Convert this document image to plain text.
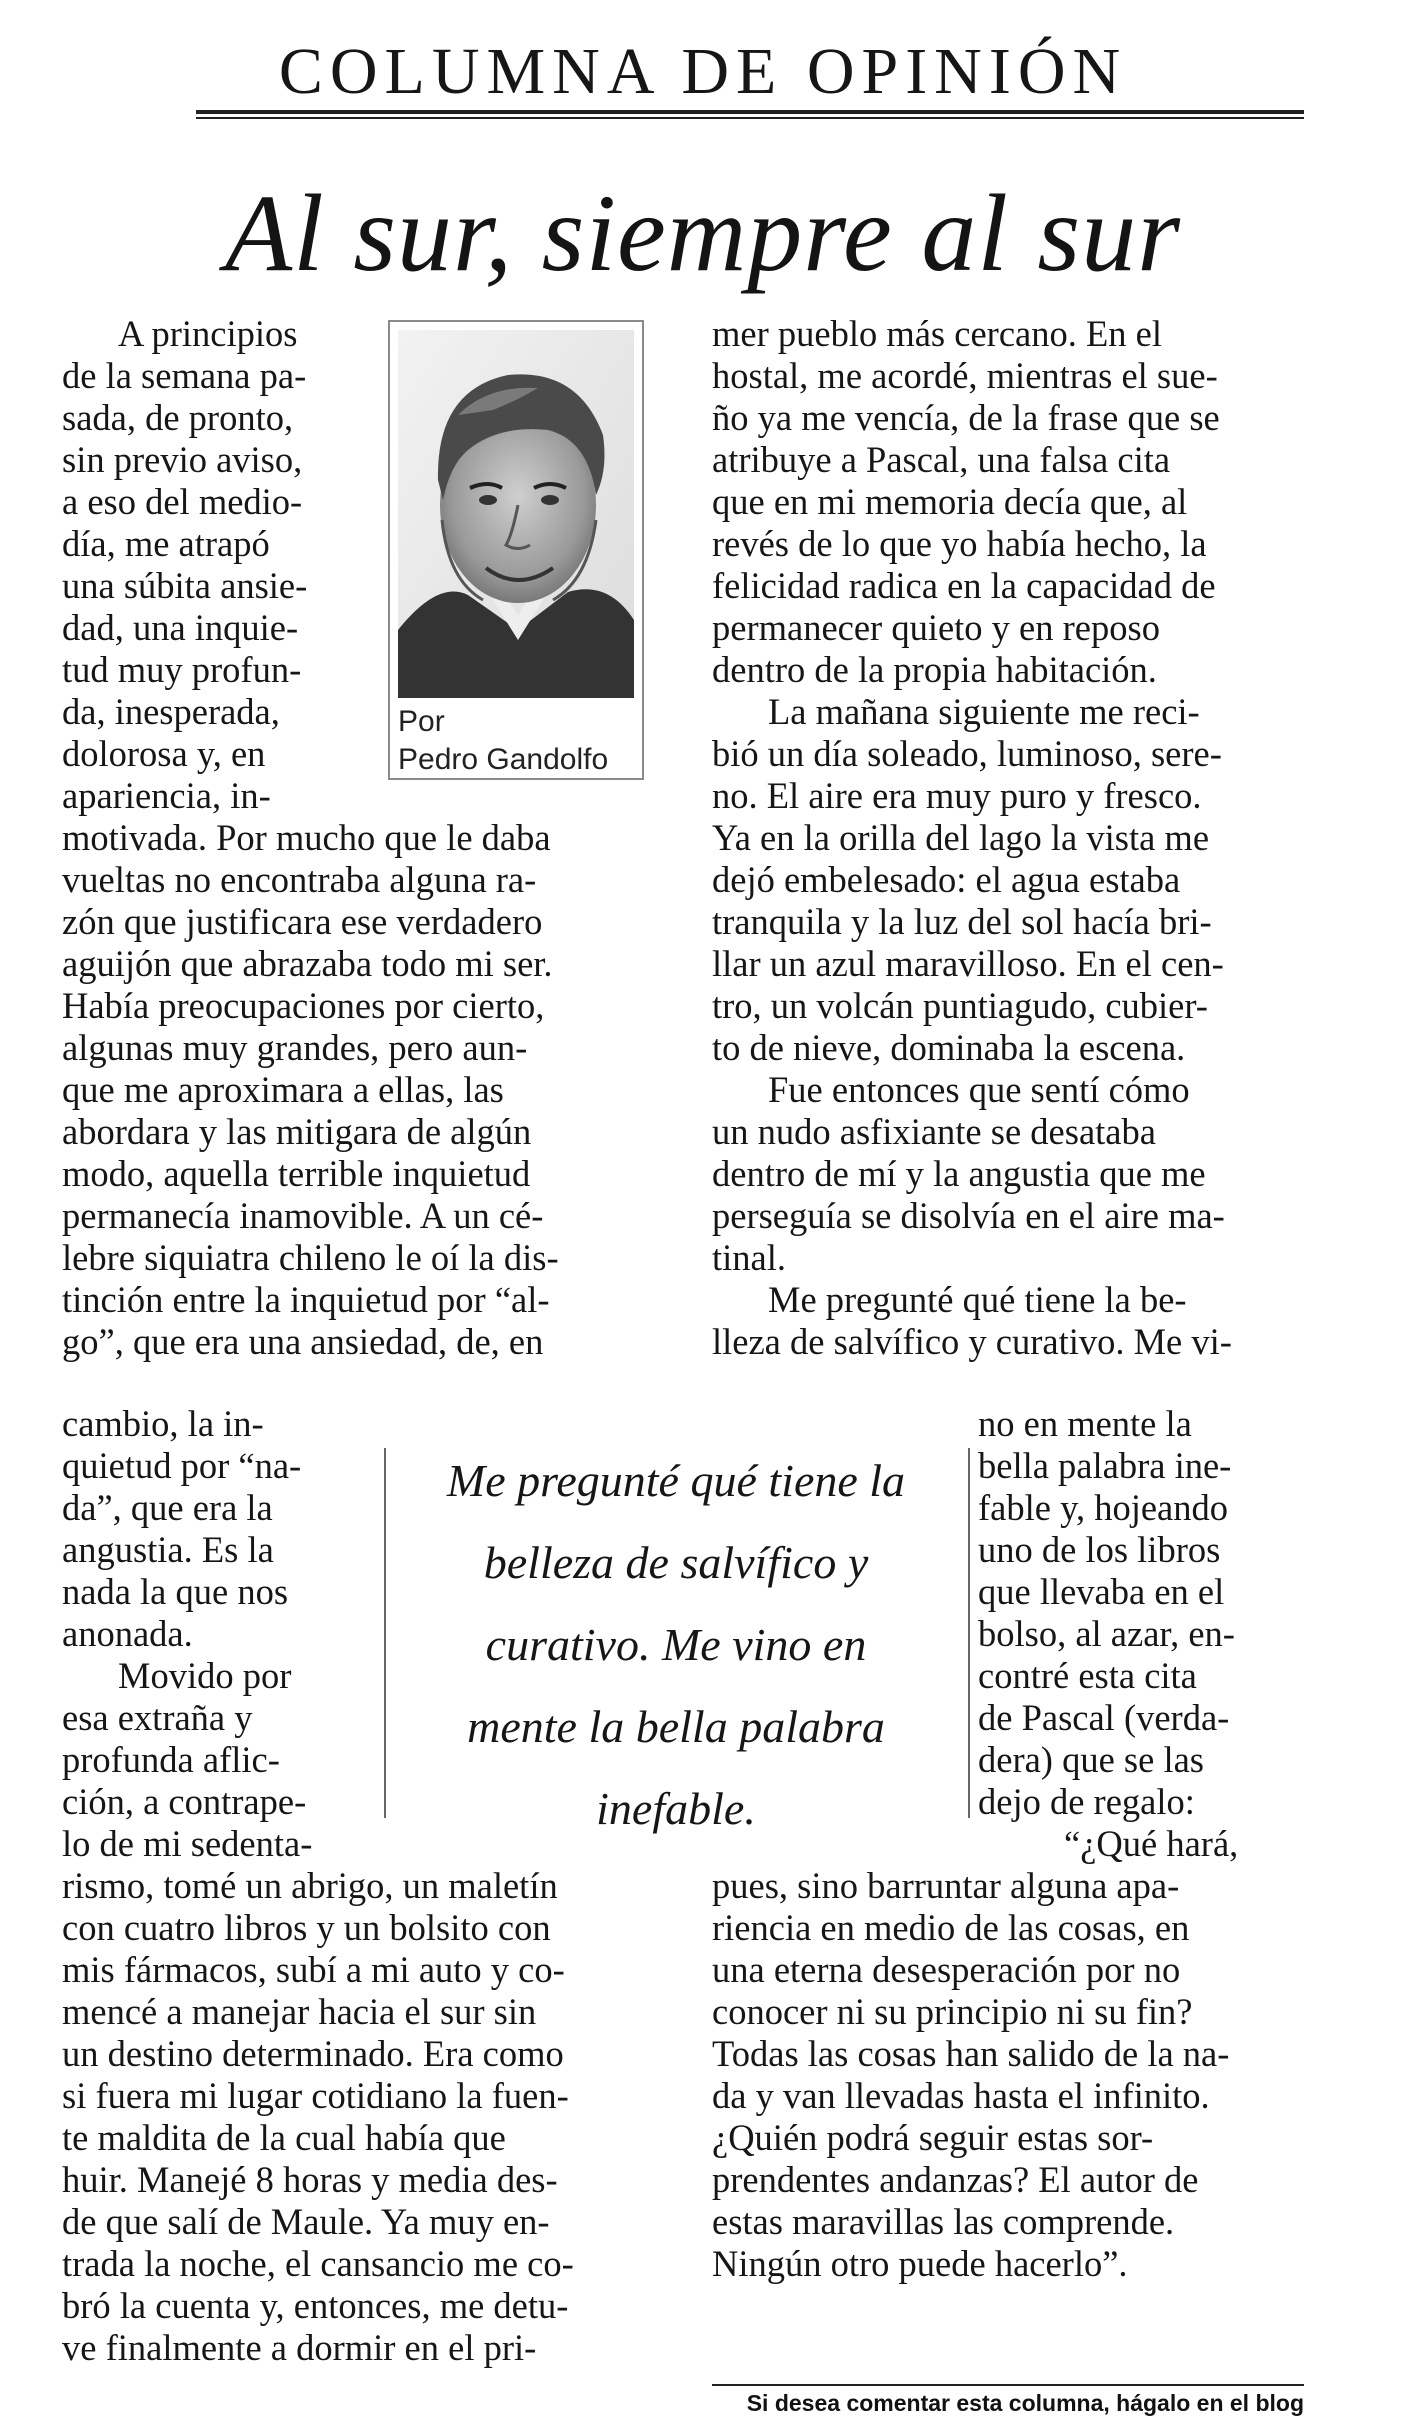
COLUMNA DE OPINIÓN
Al sur, siempre al sur
Por
Pedro Gandolfo
A principios
de la semana pa-
sada, de pronto,
sin previo aviso,
a eso del medio-
día, me atrapó
una súbita ansie-
dad, una inquie-
tud muy profun-
da, inesperada,
dolorosa y, en
apariencia, in-
motivada. Por mucho que le daba
vueltas no encontraba alguna ra-
zón que justificara ese verdadero
aguijón que abrazaba todo mi ser.
Había preocupaciones por cierto,
algunas muy grandes, pero aun-
que me aproximara a ellas, las
abordara y las mitigara de algún
modo, aquella terrible inquietud
permanecía inamovible. A un cé-
lebre siquiatra chileno le oí la dis-
tinción entre la inquietud por “al-
go”, que era una ansiedad, de, en
cambio, la in-
quietud por “na-
da”, que era la
angustia. Es la
nada la que nos
anonada.
Movido por
esa extraña y
profunda aflic-
ción, a contrape-
lo de mi sedenta-
rismo, tomé un abrigo, un maletín
con cuatro libros y un bolsito con
mis fármacos, subí a mi auto y co-
mencé a manejar hacia el sur sin
un destino determinado. Era como
si fuera mi lugar cotidiano la fuen-
te maldita de la cual había que
huir. Manejé 8 horas y media des-
de que salí de Maule. Ya muy en-
trada la noche, el cansancio me co-
bró la cuenta y, entonces, me detu-
ve finalmente a dormir en el pri-
mer pueblo más cercano. En el
hostal, me acordé, mientras el sue-
ño ya me vencía, de la frase que se
atribuye a Pascal, una falsa cita
que en mi memoria decía que, al
revés de lo que yo había hecho, la
felicidad radica en la capacidad de
permanecer quieto y en reposo
dentro de la propia habitación.
La mañana siguiente me reci-
bió un día soleado, luminoso, sere-
no. El aire era muy puro y fresco.
Ya en la orilla del lago la vista me
dejó embelesado: el agua estaba
tranquila y la luz del sol hacía bri-
llar un azul maravilloso. En el cen-
tro, un volcán puntiagudo, cubier-
to de nieve, dominaba la escena.
Fue entonces que sentí cómo
un nudo asfixiante se desataba
dentro de mí y la angustia que me
perseguía se disolvía en el aire ma-
tinal.
Me pregunté qué tiene la be-
lleza de salvífico y curativo. Me vi-
no en mente la
bella palabra ine-
fable y, hojeando
uno de los libros
que llevaba en el
bolso, al azar, en-
contré esta cita
de Pascal (verda-
dera) que se las
dejo de regalo:
“¿Qué hará,
pues, sino barruntar alguna apa-
riencia en medio de las cosas, en
una eterna desesperación por no
conocer ni su principio ni su fin?
Todas las cosas han salido de la na-
da y van llevadas hasta el infinito.
¿Quién podrá seguir estas sor-
prendentes andanzas? El autor de
estas maravillas las comprende.
Ningún otro puede hacerlo”.
Me pregunté qué tiene la
belleza de salvífico y
curativo. Me vino en
mente la bella palabra
inefable.
Si desea comentar esta columna, hágalo en el blog
